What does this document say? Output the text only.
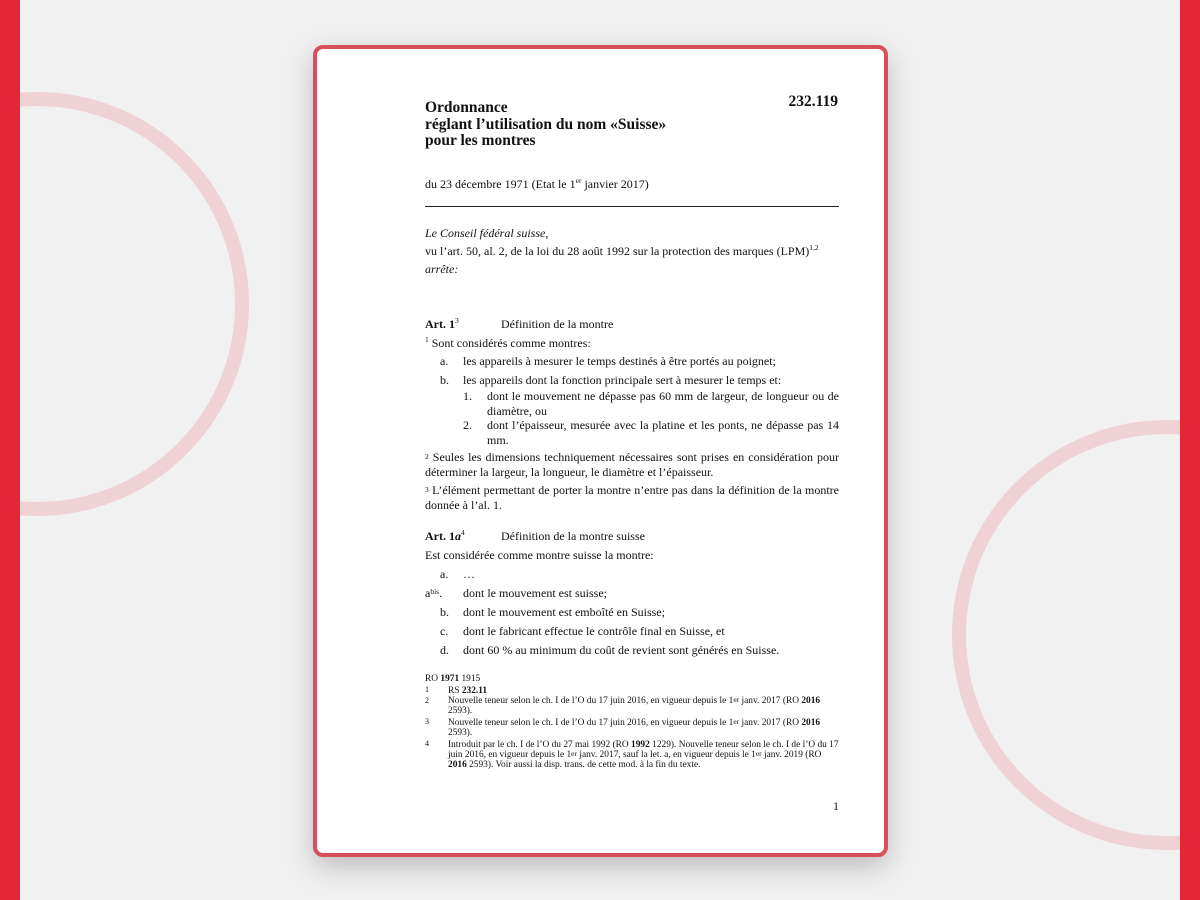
Ordonnance
réglant l’utilisation du nom «Suisse»
pour les montres
232.119
du 23 décembre 1971 (Etat le 1er janvier 2017)
Le Conseil fédéral suisse,
vu l’art. 50, al. 2, de la loi du 28 août 1992 sur la protection des marques (LPM)$^{1,2}$
arrête:
Art. $1^3$	Définition de la montre
$^1$ Sont considérés comme montres:
a. les appareils à mesurer le temps destinés à être portés au poignet;
b. les appareils dont la fonction principale sert à mesurer le temps et:
1. dont le mouvement ne dépasse pas 60 mm de largeur, de longueur ou de diamètre, ou
2. dont l’épaisseur, mesurée avec la platine et les ponts, ne dépasse pas 14 mm.
$^2$ Seules les dimensions techniquement nécessaires sont prises en considération pour déterminer la largeur, la longueur, le diamètre et l’épaisseur.
$^3$ L’élément permettant de porter la montre n’entre pas dans la définition de la montre donnée à l’al. 1.
Art. $1a^4$	Définition de la montre suisse
Est considérée comme montre suisse la montre:
a. …
$a^{bis}$. dont le mouvement est suisse;
b. dont le mouvement est emboîté en Suisse;
c. dont le fabricant effectue le contrôle final en Suisse, et
d. dont 60 % au minimum du coût de revient sont générés en Suisse.
RO 1971 1915
1 RS 232.11
2 Nouvelle teneur selon le ch. I de l’O du 17 juin 2016, en vigueur depuis le 1er janv. 2017 (RO 2016 2593).
3 Nouvelle teneur selon le ch. I de l’O du 17 juin 2016, en vigueur depuis le 1er janv. 2017 (RO 2016 2593).
4 Introduit par le ch. I de l’O du 27 mai 1992 (RO 1992 1229). Nouvelle teneur selon le ch. I de l’O du 17 juin 2016, en vigueur depuis le 1er janv. 2017, sauf la let. a, en vigueur depuis le 1er janv. 2019 (RO 2016 2593). Voir aussi la disp. trans. de cette mod. à la fin du texte.
1
